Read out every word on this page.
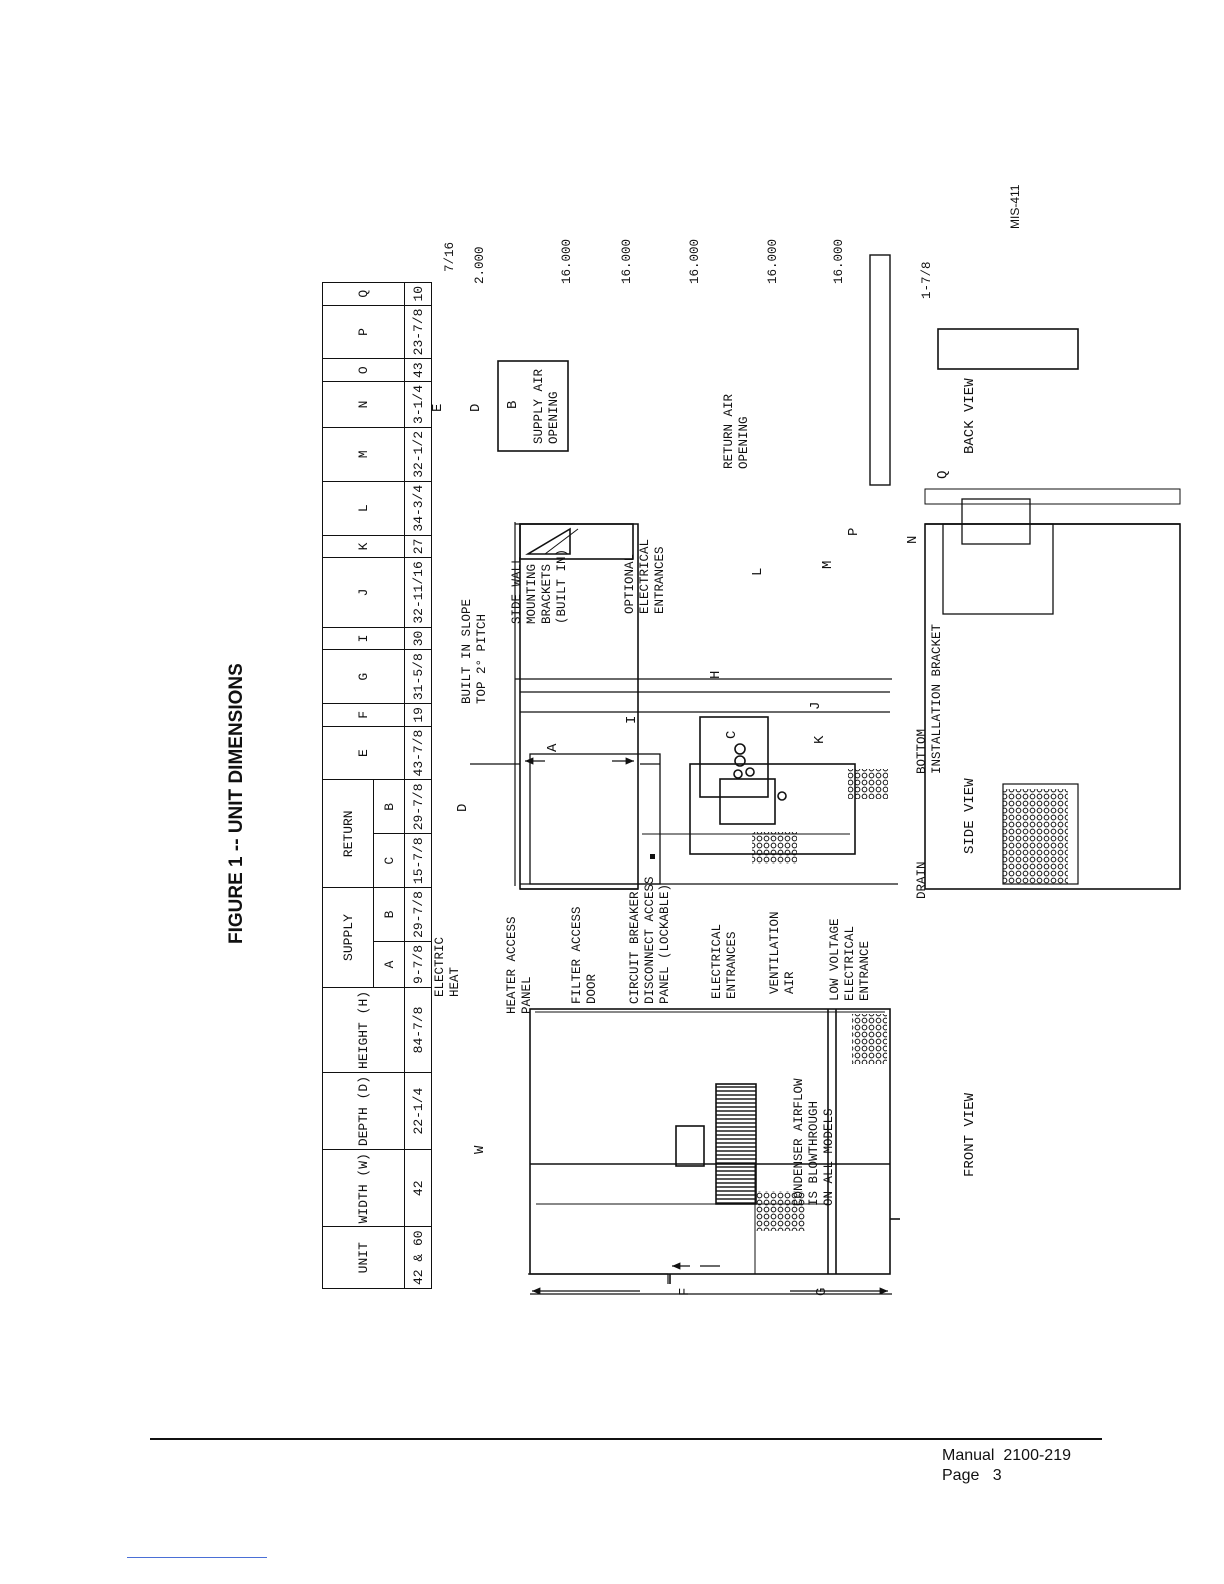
FIGURE 1 -- UNIT DIMENSIONS
MIS-411
UNIT	WIDTH (W)	DEPTH (D)	HEIGHT (H)	SUPPLY		RETURN		E	F	G	I	J	K	L	M	N	O	P	Q
				A	B	C	B												
42 & 60	42	22-1/4	84-7/8	9-7/8	29-7/8	15-7/8	29-7/8	43-7/8	19	31-5/8	30	32-11/16	27	34-3/4	32-1/2	3-1/4	43	23-7/8	10
ELECTRIC HEAT	HEATER ACCESS PANEL	FILTER ACCESS DOOR CIRCUIT BREAKER DISCONNECT ACCESS PANEL (LOCKABLE)	ELECTRICAL ENTRANCES VENTILATION AIR LOW VOLTAGE ELECTRICAL ENTRANCE
BUILT IN SLOPE TOP 2° PITCH
SIDE WALL MOUNTING BRACKETS (BUILT IN)	OPTIONAL ELECTRICAL ENTRANCES
BOTTOM INSTALLATION BRACKET
DRAIN
CONDENSER AIRFLOW IS BLOWTHROUGH ON ALL MODELS
SUPPLY AIR OPENING	RETURN AIR OPENING
FRONT VIEW
SIDE VIEW
BACK VIEW
W
F	G
D
A
I
C
H
J
K
E D B
L
M
P
N
Q
7/16 2.000	16.000	16.000	16.000	16.000	16.000	1-7/8
Manual 2100-219
Page 3
